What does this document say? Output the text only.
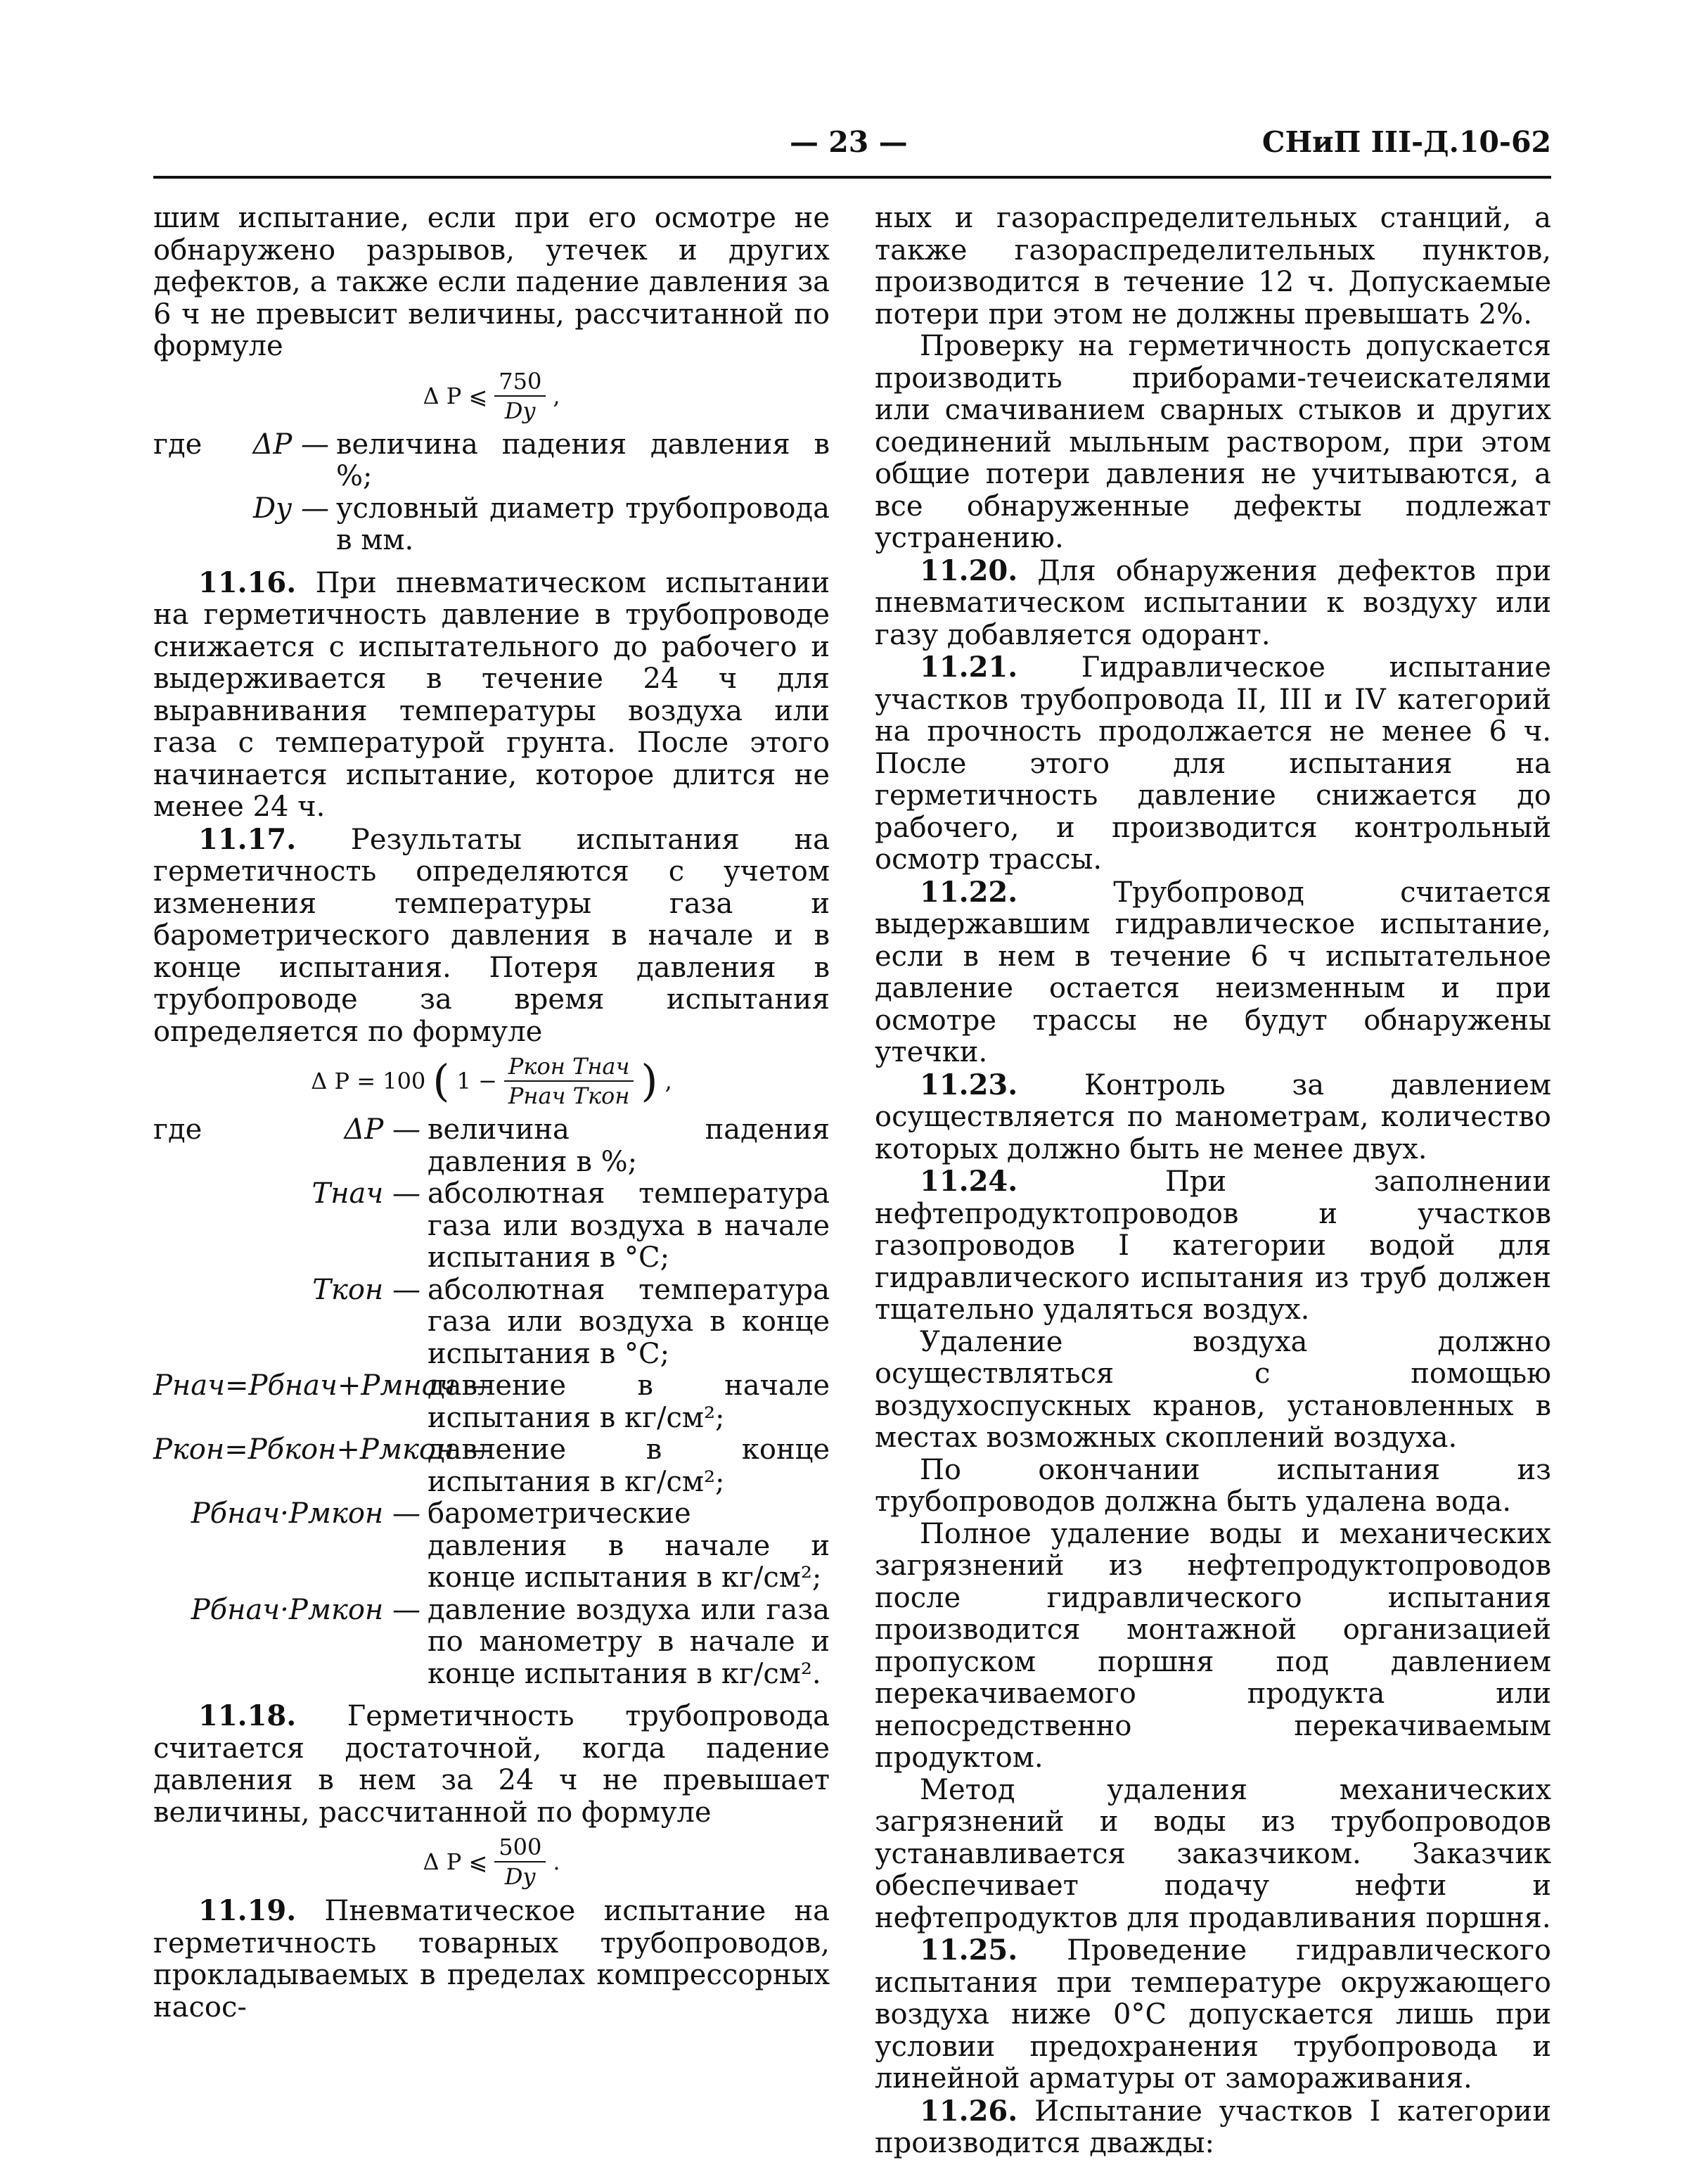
— 23 —	СНиП III-Д.10-62

шим испытание, если при его осмотре не обнаружено разрывов, утечек и других дефектов, а также если падение давления за 6 ч не превысит величины, рассчитанной по формуле

Δ P ⩽ $\frac{750}{Dу}$ ,
где	ΔP — величина падения давления в %;
Dу — условный диаметр трубопровода в мм.

11.16. При пневматическом испытании на герметичность давление в трубопроводе снижается с испытательного до рабочего и выдерживается в течение 24 ч для выравнивания температуры воздуха или газа с температурой грунта. После этого начинается испытание, которое длится не менее 24 ч.

11.17. Результаты испытания на герметичность определяются с учетом изменения температуры газа и барометрического давления в начале и в конце испытания. Потеря давления в трубопроводе за время испытания определяется по формуле

Δ P = 100 ( $1 - \frac{\text{Pкон Tнач}}{\text{Pнач Tкон}}$ ) ,
где	ΔP — величина падения давления в %;
Tнач — абсолютная температура газа или воздуха в начале испытания в °С;
Tкон — абсолютная температура газа или воздуха в конце испытания в °С;
Pнач=Pбнач+Pмнач —
давление в начале испытания в кг/см²;
Pкон=Pбкон+Pмкон —
давление в конце испытания в кг/см²;
Pбнач·Pмкон — барометрические давления в начале и конце испытания в кг/см²;
Pбнач·Pмкон — давление воздуха или газа по манометру в начале и конце испытания в кг/см².

11.18. Герметичность трубопровода считается достаточной, когда падение давления в нем за 24 ч не превышает величины, рассчитанной по формуле

Δ P ⩽ $\frac{500}{Dу}$ .

11.19. Пневматическое испытание на герметичность товарных трубопроводов, прокладываемых в пределах компрессорных насос-

ных и газораспределительных станций, а также газораспределительных пунктов, производится в течение 12 ч. Допускаемые потери при этом не должны превышать 2%.

Проверку на герметичность допускается производить приборами-течеискателями или смачиванием сварных стыков и других соединений мыльным раствором, при этом общие потери давления не учитываются, а все обнаруженные дефекты подлежат устранению.

11.20. Для обнаружения дефектов при пневматическом испытании к воздуху или газу добавляется одорант.

11.21. Гидравлическое испытание участков трубопровода II, III и IV категорий на прочность продолжается не менее 6 ч. После этого для испытания на герметичность давление снижается до рабочего, и производится контрольный осмотр трассы.

11.22.	Трубопровод считается выдержавшим гидравлическое испытание, если в нем в течение 6 ч испытательное давление остается неизменным и при осмотре трассы не будут обнаружены утечки.

11.23. Контроль за давлением осуществляется по манометрам, количество которых должно быть не менее двух.

11.24.	При заполнении нефтепродуктопроводов и участков газопроводов I категории водой для гидравлического испытания из труб должен тщательно удаляться воздух.

Удаление воздуха должно осуществляться с помощью воздухоспускных кранов, установленных в местах возможных скоплений воздуха.

По окончании испытания из трубопроводов должна быть удалена вода.

Полное удаление воды и механических загрязнений из нефтепродуктопроводов после гидравлического испытания производится монтажной организацией пропуском поршня под давлением перекачиваемого продукта или непосредственно перекачиваемым продуктом.

Метод удаления механических загрязнений и воды из трубопроводов устанавливается заказчиком. Заказчик обеспечивает подачу нефти и нефтепродуктов для продавливания поршня.

11.25. Проведение гидравлического испытания при температуре окружающего воздуха ниже 0°С допускается лишь при условии предохранения трубопровода и линейной арматуры от замораживания.

11.26. Испытание участков I категории производится дважды:
